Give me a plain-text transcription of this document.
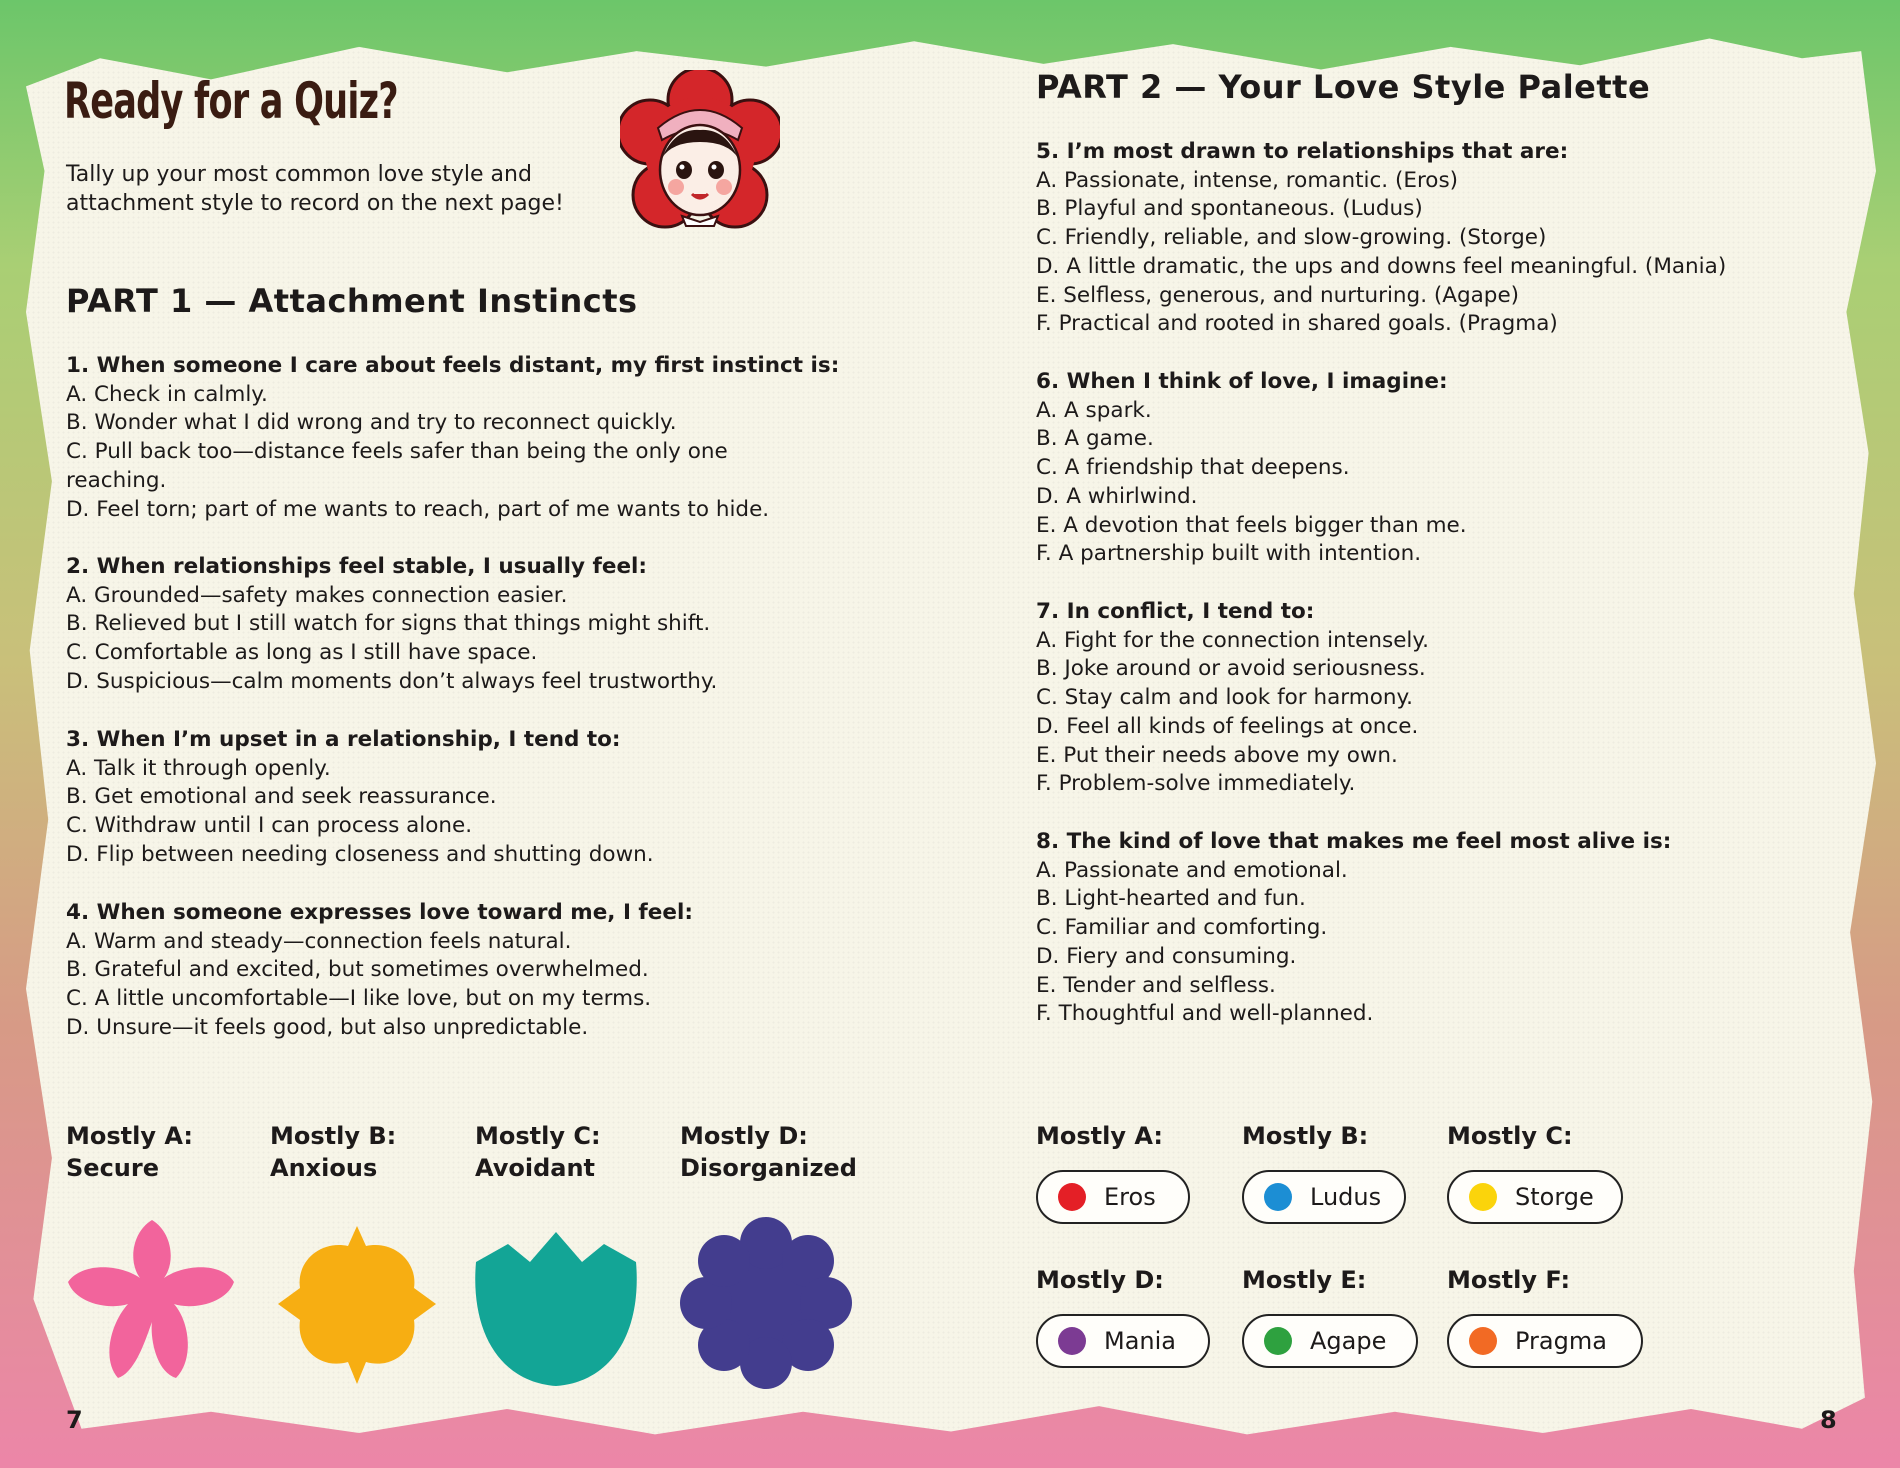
Ready for a Quiz?
Tally up your most common love style and attachment style to record on the next page!
PART 1 — Attachment Instincts
1. When someone I care about feels distant, my first instinct is:
A. Check in calmly.
B. Wonder what I did wrong and try to reconnect quickly.
C. Pull back too—distance feels safer than being the only one reaching.
D. Feel torn; part of me wants to reach, part of me wants to hide.
2. When relationships feel stable, I usually feel:
A. Grounded—safety makes connection easier.
B. Relieved but I still watch for signs that things might shift.
C. Comfortable as long as I still have space.
D. Suspicious—calm moments don’t always feel trustworthy.
3. When I’m upset in a relationship, I tend to:
A. Talk it through openly.
B. Get emotional and seek reassurance.
C. Withdraw until I can process alone.
D. Flip between needing closeness and shutting down.
4. When someone expresses love toward me, I feel:
A. Warm and steady—connection feels natural.
B. Grateful and excited, but sometimes overwhelmed.
C. A little uncomfortable—I like love, but on my terms.
D. Unsure—it feels good, but also unpredictable.
Mostly A:
Secure
Mostly B:
Anxious
Mostly C:
Avoidant
Mostly D:
Disorganized
7
PART 2 — Your Love Style Palette
5. I’m most drawn to relationships that are:
A. Passionate, intense, romantic. (Eros)
B. Playful and spontaneous. (Ludus)
C. Friendly, reliable, and slow-growing. (Storge)
D. A little dramatic, the ups and downs feel meaningful. (Mania)
E. Selfless, generous, and nurturing. (Agape)
F. Practical and rooted in shared goals. (Pragma)
6. When I think of love, I imagine:
A. A spark.
B. A game.
C. A friendship that deepens.
D. A whirlwind.
E. A devotion that feels bigger than me.
F. A partnership built with intention.
7. In conflict, I tend to:
A. Fight for the connection intensely.
B. Joke around or avoid seriousness.
C. Stay calm and look for harmony.
D. Feel all kinds of feelings at once.
E. Put their needs above my own.
F. Problem-solve immediately.
8. The kind of love that makes me feel most alive is:
A. Passionate and emotional.
B. Light-hearted and fun.
C. Familiar and comforting.
D. Fiery and consuming.
E. Tender and selfless.
F. Thoughtful and well-planned.
Mostly A:	Mostly B:	Mostly C:
Mostly D:	Mostly E:	Mostly F:
Eros	Ludus	Storge
Mania	Agape	Pragma
8
